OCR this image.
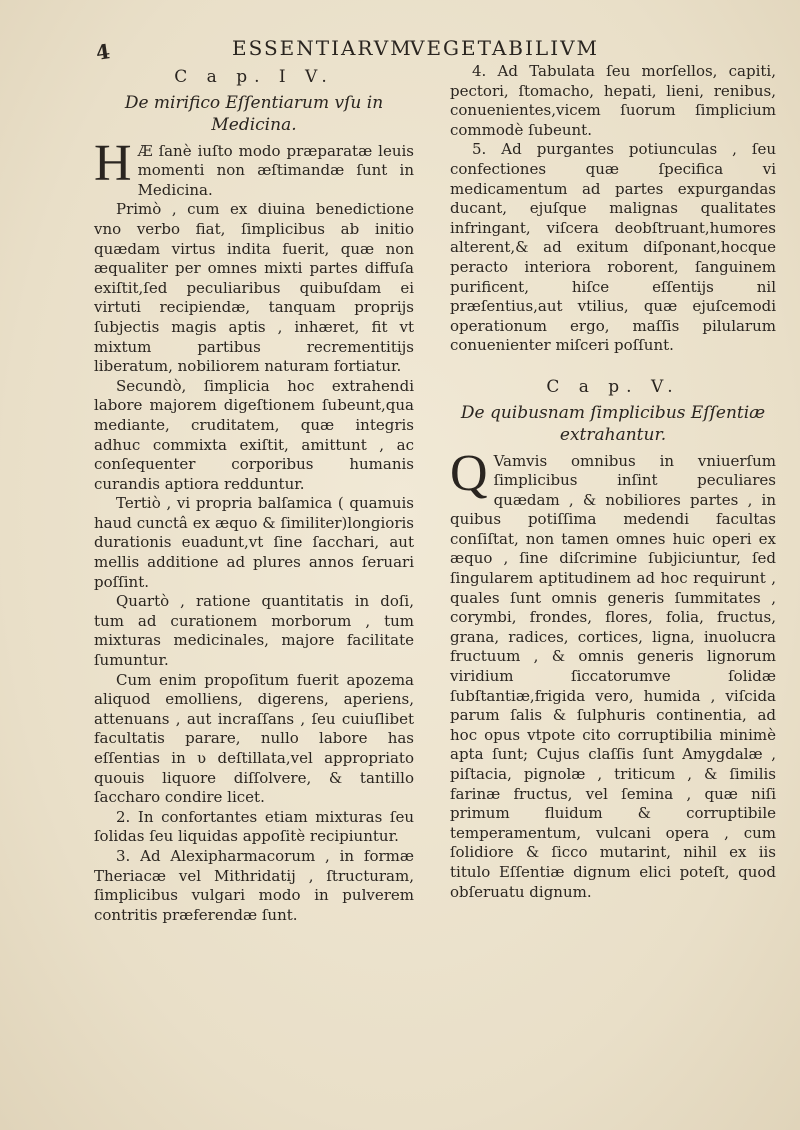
4	ESSENTIARVM
VEGETABILIVM
C a p. I V.
De mirifico Eſſentiarum vſu in Medicina.

H Æ ſanè iuſto modo præparatæ leuis momenti non æſtimandæ ſunt in Medicina.

Primò , cum ex diuina benedictione vno verbo fiat, ſimplicibus ab initio quædam virtus indita fuerit, quæ non æqualiter per omnes mixti partes diffuſa exiſtit,ſed peculiaribus quibuſdam ei virtuti recipiendæ, tanquam proprijs ſubjectis magis aptis , inhæret, fit vt mixtum partibus recrementitijs liberatum, nobiliorem naturam fortiatur.

Secundò, ſimplicia hoc extrahendi labore majorem digeſtionem ſubeunt,qua mediante, cruditatem, quæ integris adhuc commixta exiſtit, amittunt , ac conſequenter corporibus humanis curandis aptiora redduntur.

Tertiò , vi propria balſamica ( quamuis haud cunctâ ex æquo & ſimiliter)longioris durationis euadunt,vt ſine ſacchari, aut mellis additione ad plures annos ſeruari poſſint.

Quartò , ratione quantitatis in doſi, tum ad curationem morborum , tum mixturas medicinales, majore facilitate ſumuntur.

Cum enim propoſitum fuerit apozema aliquod emolliens, digerens, aperiens, attenuans , aut incraſſans , ſeu cuiuſlibet facultatis parare, nullo labore has eſſentias in ʋ deſtillata,vel appropriato quouis liquore diſſolvere, & tantillo ſaccharo condire licet.

2. In confortantes etiam mixturas ſeu ſolidas ſeu liquidas appoſitè recipiuntur.

3. Ad Alexipharmacorum , in formæ Theriacæ vel Mithridatij , ſtructuram, ſimplicibus vulgari modo in pulverem contritis præferendæ ſunt.

4. Ad Tabulata ſeu morſellos, capiti, pectori, ſtomacho, hepati, lieni, renibus, conuenientes,vicem ſuorum ſimplicium commodè ſubeunt.

5. Ad purgantes potiunculas , ſeu confectiones quæ ſpecifica vi medicamentum ad partes expurgandas ducant, ejuſque malignas qualitates infringant, viſcera deobſtruant,humores alterent,& ad exitum diſponant,hocque peracto interiora roborent, ſanguinem purificent, hiſce eſſentijs nil præſentius,aut vtilius, quæ ejuſcemodi operationum ergo, maſſis pilularum conuenienter miſceri poſſunt.

C a p. V.
De quibusnam ſimplicibus Eſſentiæ extrahantur.

Q Vamvis omnibus in vniuerſum ſimplicibus inſint peculiares quædam , & nobiliores partes , in quibus potiſſima medendi facultas conſiſtat, non tamen omnes huic operi ex æquo , ſine diſcrimine ſubjiciuntur, ſed ſingularem aptitudinem ad hoc requirunt , quales ſunt omnis generis ſummitates , corymbi, frondes, flores, folia, fructus, grana, radices, cortices, ligna, inuolucra fructuum , & omnis generis lignorum viridium ſiccatorumve ſolidæ ſubſtantiæ,frigida vero, humida , viſcida parum ſalis & ſulphuris continentia, ad hoc opus vtpote cito corruptibilia minimè apta ſunt; Cujus claſſis ſunt Amygdalæ , piſtacia, pignolæ , triticum , & ſimilis farinæ fructus, vel ſemina , quæ niſi primum fluidum & corruptibile temperamentum, vulcani opera , cum ſolidiore & ſicco mutarint, nihil ex iis titulo Eſſentiæ dignum elici poteſt, quod obſeruatu dignum.
